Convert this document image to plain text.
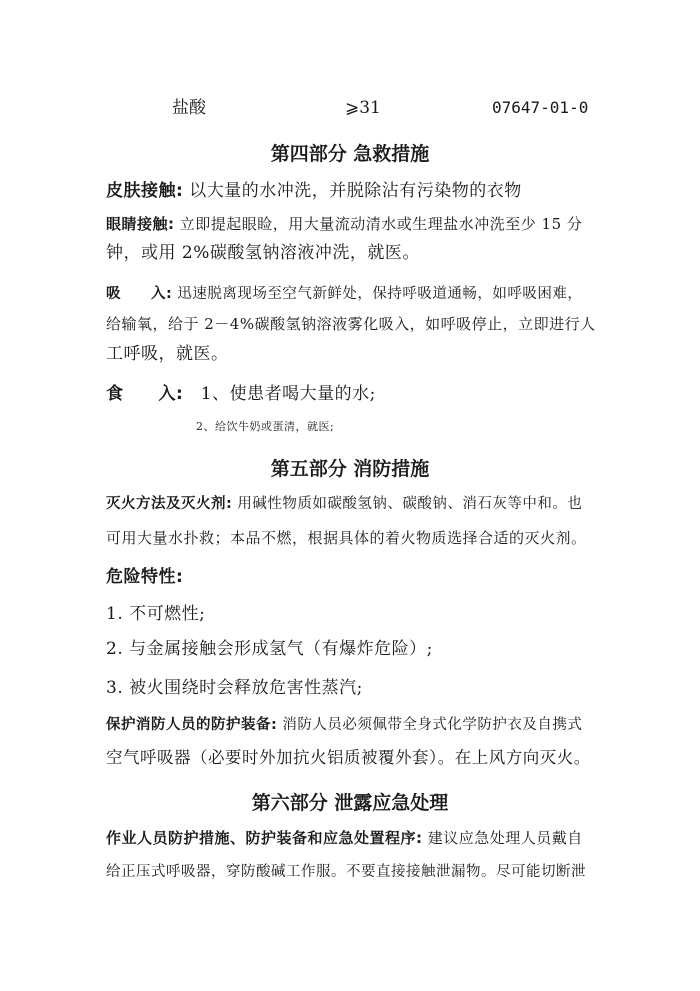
盐酸	⩾31	07647-01-0
第四部分 急救措施
皮肤接触: 以大量的水冲洗，并脱除沾有污染物的衣物
眼睛接触: 立即提起眼睑，用大量流动清水或生理盐水冲洗至少 15 分
钟，或用 2%碳酸氢钠溶液冲洗，就医。
吸　　入: 迅速脱离现场至空气新鲜处，保持呼吸道通畅，如呼吸困难，
给输氧，给于 2－4%碳酸氢钠溶液雾化吸入，如呼吸停止，立即进行人
工呼吸，就医。
食　　入:　1、使患者喝大量的水;
2、给饮牛奶或蛋清，就医;
第五部分 消防措施
灭火方法及灭火剂: 用碱性物质如碳酸氢钠、碳酸钠、消石灰等中和。也
可用大量水扑救；本品不燃，根据具体的着火物质选择合适的灭火剂。
危险特性:
1. 不可燃性;
2. 与金属接触会形成氢气（有爆炸危险）;
3. 被火围绕时会释放危害性蒸汽;
保护消防人员的防护装备: 消防人员必须佩带全身式化学防护衣及自携式
空气呼吸器（必要时外加抗火铝质被覆外套）。在上风方向灭火。
第六部分 泄露应急处理
作业人员防护措施、防护装备和应急处置程序: 建议应急处理人员戴自
给正压式呼吸器，穿防酸碱工作服。不要直接接触泄漏物。尽可能切断泄
